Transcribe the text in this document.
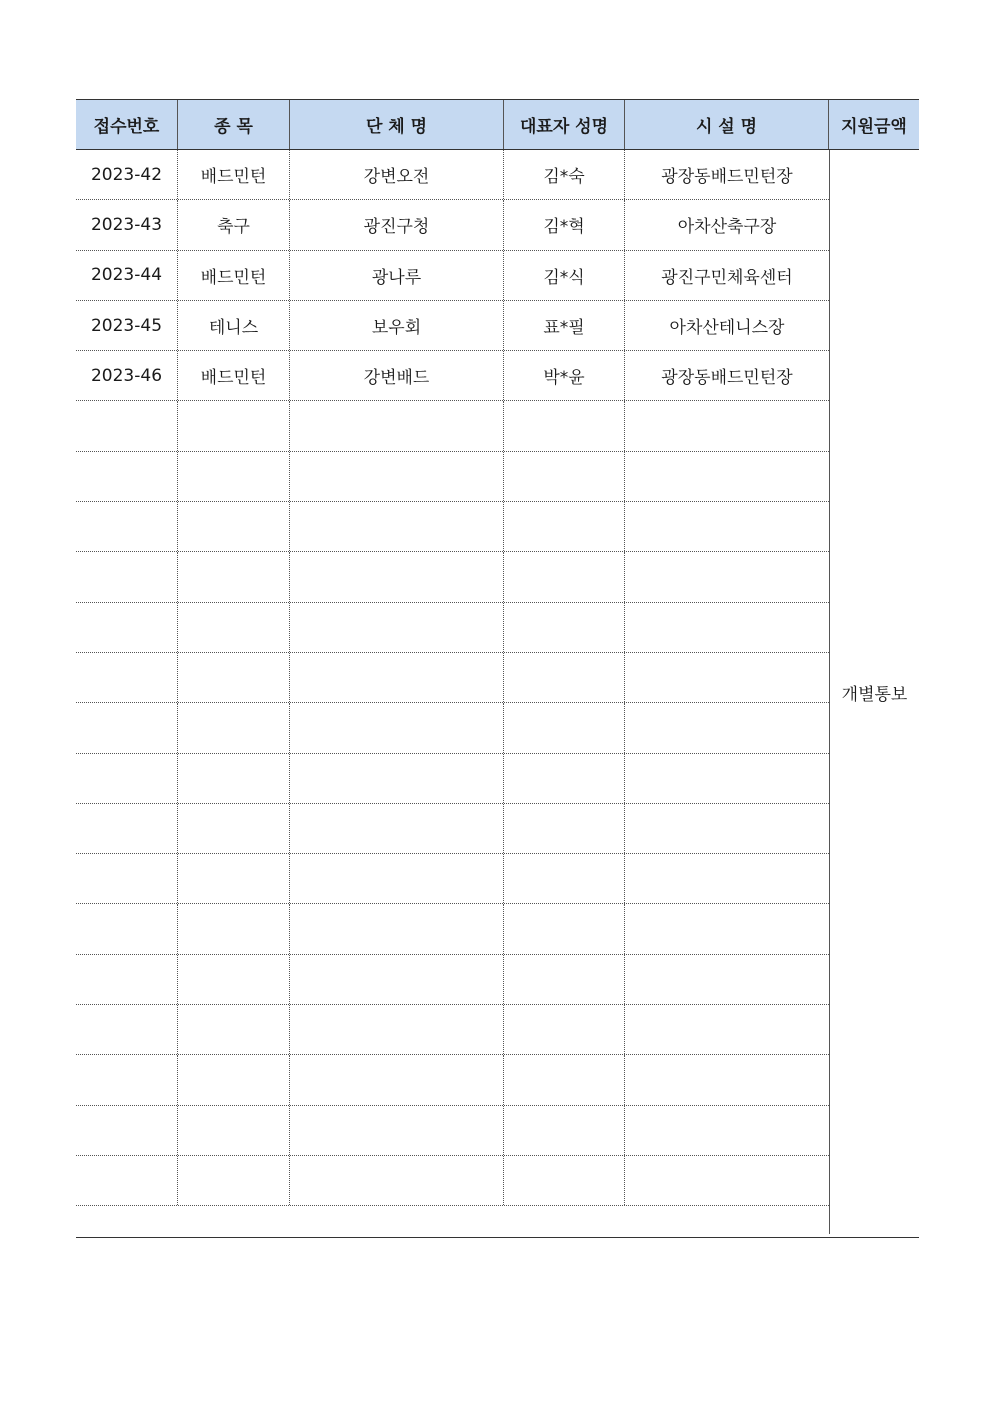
접수번호	종 목	단 체 명	대표자 성명	시 설 명	지원금액
2023-42	배드민턴	강변오전	김*숙	광장동배드민턴장
2023-43	축구	광진구청	김*혁	아차산축구장
2023-44	배드민턴	광나루	김*식	광진구민체육센터
2023-45	테니스	보우회	표*필	아차산테니스장
2023-46	배드민턴	강변배드	박*윤	광장동배드민턴장
개별통보
